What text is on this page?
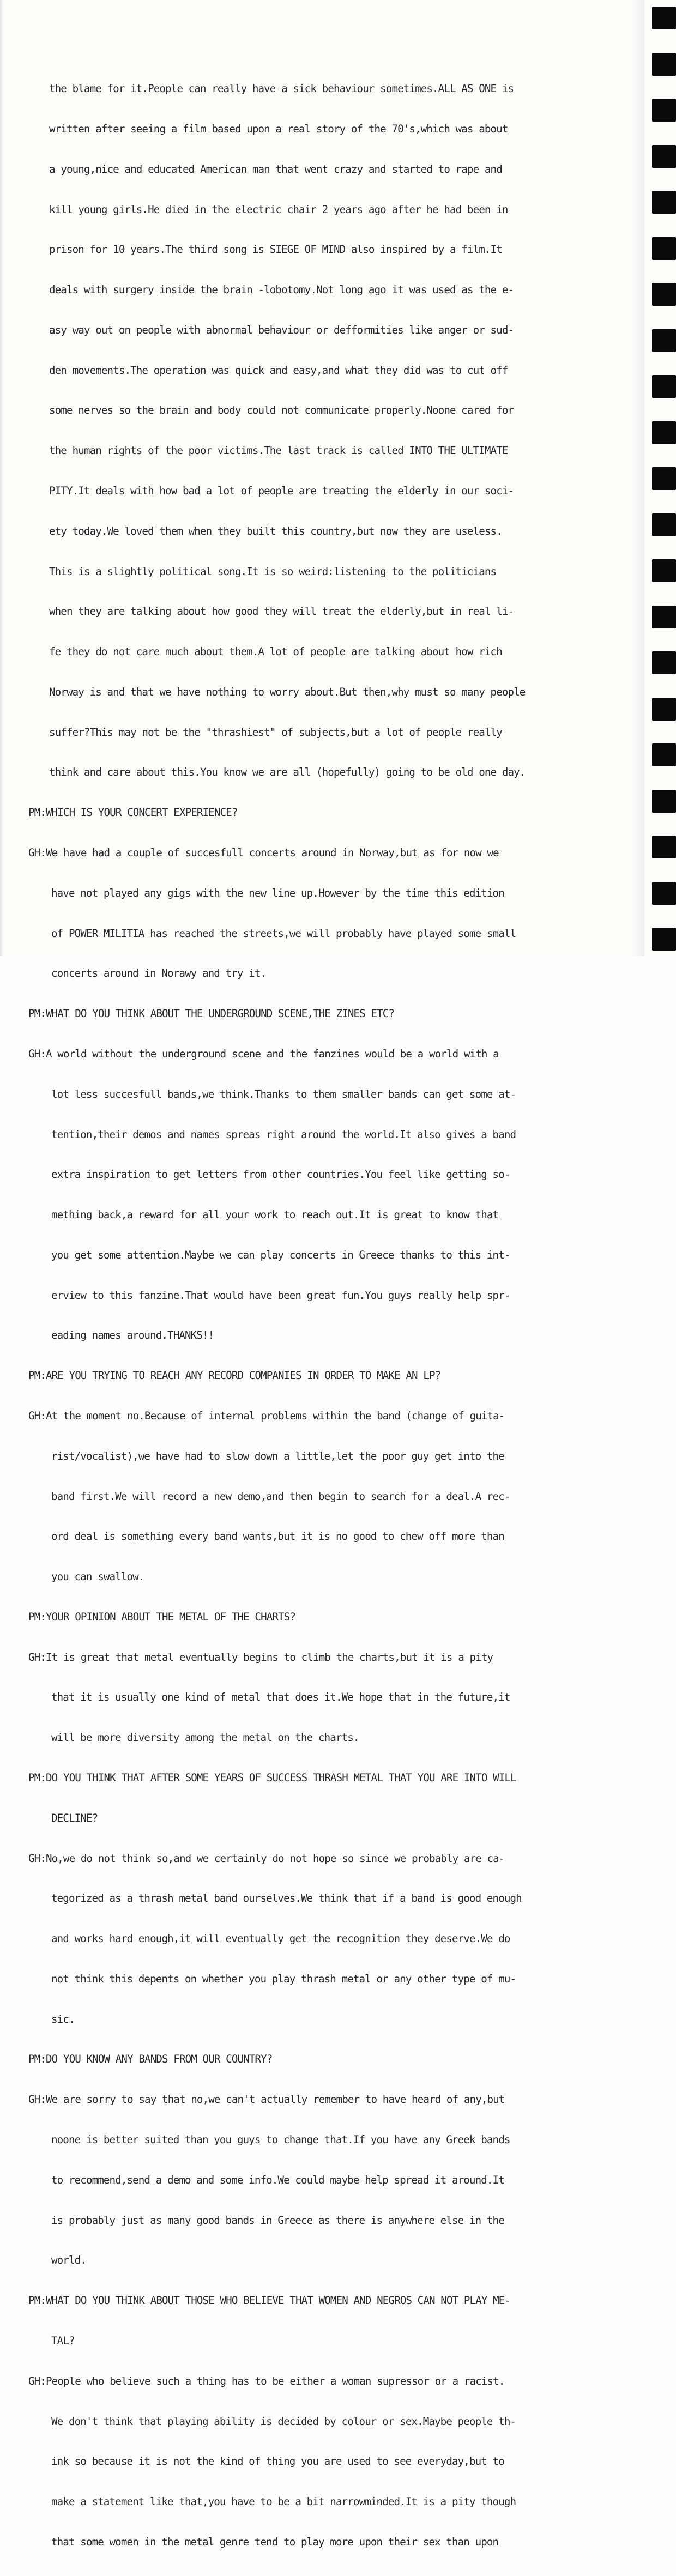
the blame for it.People can really have a sick behaviour sometimes.ALL AS ONE is

written after seeing a film based upon a real story of the 70's,which was about

a young,nice and educated American man that went crazy and started to rape and

kill young girls.He died in the electric chair 2 years ago after he had been in

prison for 10 years.The third song is SIEGE OF MIND also inspired by a film.It

deals with surgery inside the brain -lobotomy.Not long ago it was used as the e-

asy way out on people with abnormal behaviour or defformities like anger or sud-

den movements.The operation was quick and easy,and what they did was to cut off

some nerves so the brain and body could not communicate properly.Noone cared for

the human rights of the poor victims.The last track is called INTO THE ULTIMATE

PITY.It deals with how bad a lot of people are treating the elderly in our soci-

ety today.We loved them when they built this country,but now they are useless.

This is a slightly political song.It is so weird:listening to the politicians

when they are talking about how good they will treat the elderly,but in real li-

fe they do not care much about them.A lot of people are talking about how rich

Norway is and that we have nothing to worry about.But then,why must so many people

suffer?This may not be the "thrashiest" of subjects,but a lot of people really

think and care about this.You know we are all (hopefully) going to be old one day.

PM:WHICH IS YOUR CONCERT EXPERIENCE?

GH:We have had a couple of succesfull concerts around in Norway,but as for now we

have not played any gigs with the new line up.However by the time this edition

of POWER MILITIA has reached the streets,we will probably have played some small

concerts around in Norawy and try it.

PM:WHAT DO YOU THINK ABOUT THE UNDERGROUND SCENE,THE ZINES ETC?

GH:A world without the underground scene and the fanzines would be a world with a

lot less succesfull bands,we think.Thanks to them smaller bands can get some at-

tention,their demos and names spreas right around the world.It also gives a band

extra inspiration to get letters from other countries.You feel like getting so-

mething back,a reward for all your work to reach out.It is great to know that

you get some attention.Maybe we can play concerts in Greece thanks to this int-

erview to this fanzine.That would have been great fun.You guys really help spr-

eading names around.THANKS!!

PM:ARE YOU TRYING TO REACH ANY RECORD COMPANIES IN ORDER TO MAKE AN LP?

GH:At the moment no.Because of internal problems within the band (change of guita-

rist/vocalist),we have had to slow down a little,let the poor guy get into the

band first.We will record a new demo,and then begin to search for a deal.A rec-

ord deal is something every band wants,but it is no good to chew off more than

you can swallow.

PM:YOUR OPINION ABOUT THE METAL OF THE CHARTS?

GH:It is great that metal eventually begins to climb the charts,but it is a pity

that it is usually one kind of metal that does it.We hope that in the future,it

will be more diversity among the metal on the charts.

PM:DO YOU THINK THAT AFTER SOME YEARS OF SUCCESS THRASH METAL THAT YOU ARE INTO WILL

DECLINE?

GH:No,we do not think so,and we certainly do not hope so since we probably are ca-

tegorized as a thrash metal band ourselves.We think that if a band is good enough

and works hard enough,it will eventually get the recognition they deserve.We do

not think this depents on whether you play thrash metal or any other type of mu-

sic.

PM:DO YOU KNOW ANY BANDS FROM OUR COUNTRY?

GH:We are sorry to say that no,we can't actually remember to have heard of any,but

noone is better suited than you guys to change that.If you have any Greek bands

to recommend,send a demo and some info.We could maybe help spread it around.It

is probably just as many good bands in Greece as there is anywhere else in the

world.

PM:WHAT DO YOU THINK ABOUT THOSE WHO BELIEVE THAT WOMEN AND NEGROS CAN NOT PLAY ME-

TAL?

GH:People who believe such a thing has to be either a woman supressor or a racist.

We don't think that playing ability is decided by colour or sex.Maybe people th-

ink so because it is not the kind of thing you are used to see everyday,but to

make a statement like that,you have to be a bit narrowminded.It is a pity though

that some women in the metal genre tend to play more upon their sex than upon
